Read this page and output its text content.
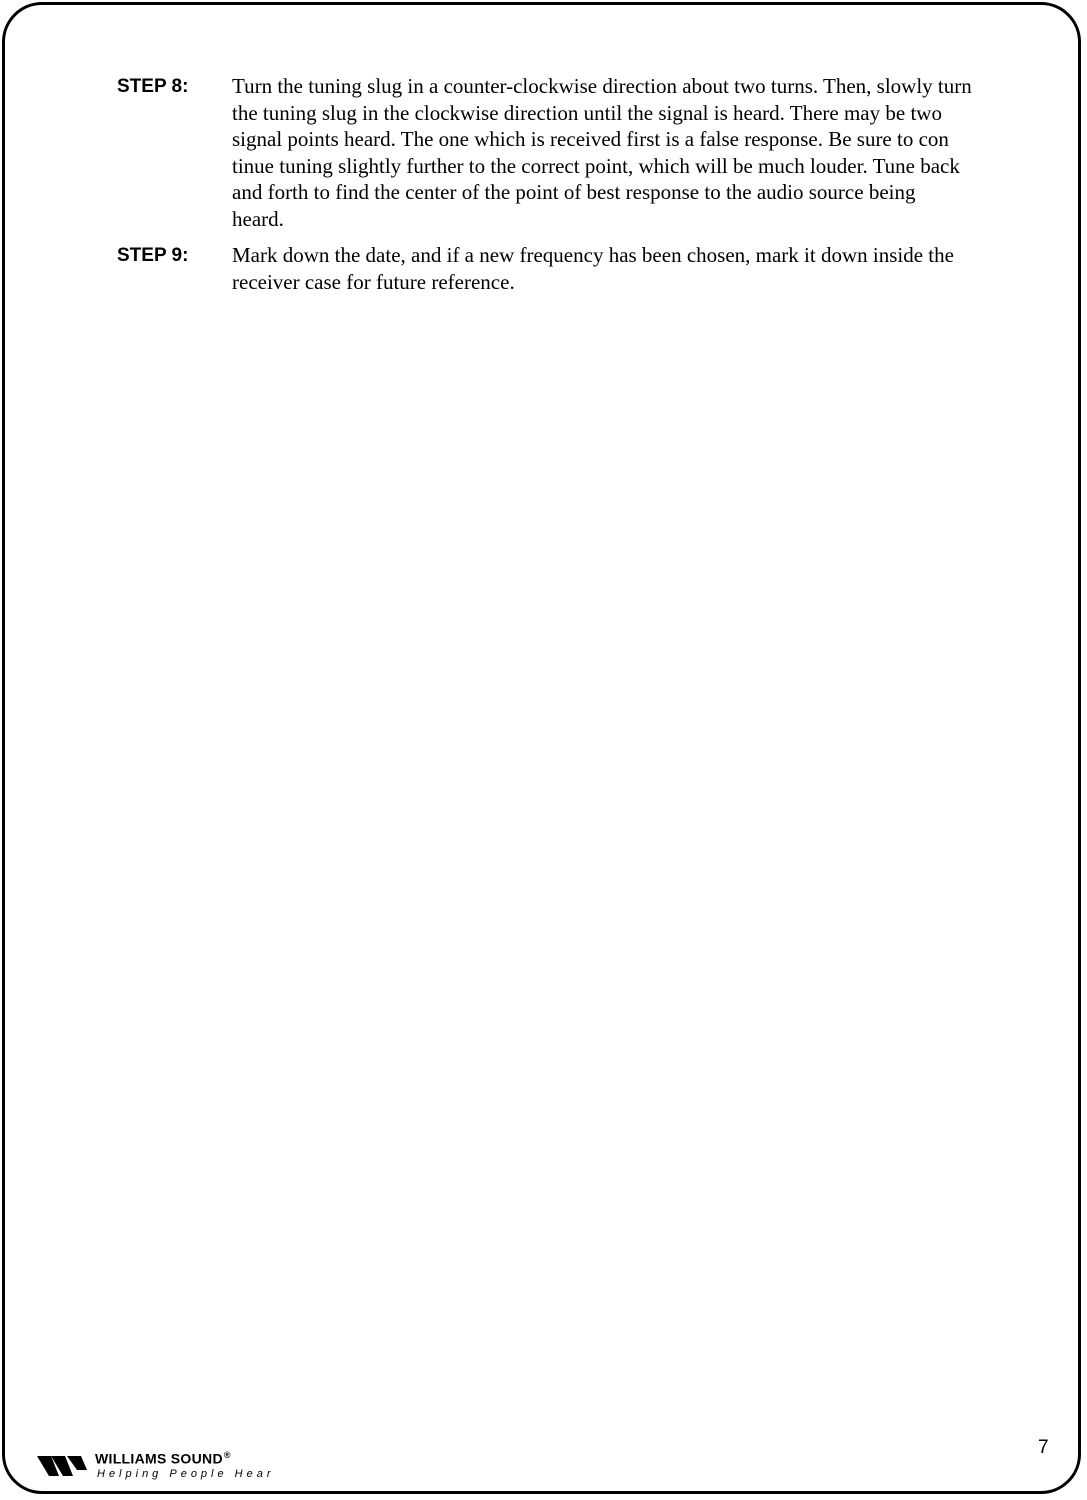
STEP 8:	Turn the tuning slug in a counter-clockwise direction about two turns. Then, slowly turn
the tuning slug in the clockwise direction until the signal is heard. There may be two
signal points heard. The one which is received first is a false response. Be sure to con
tinue tuning slightly further to the correct point, which will be much louder. Tune back
and forth to find the center of the point of best response to the audio source being
heard.
STEP 9:	Mark down the date, and if a new frequency has been chosen, mark it down inside the
receiver case for future reference.
WILLIAMS SOUND®
Helping People Hear
7
